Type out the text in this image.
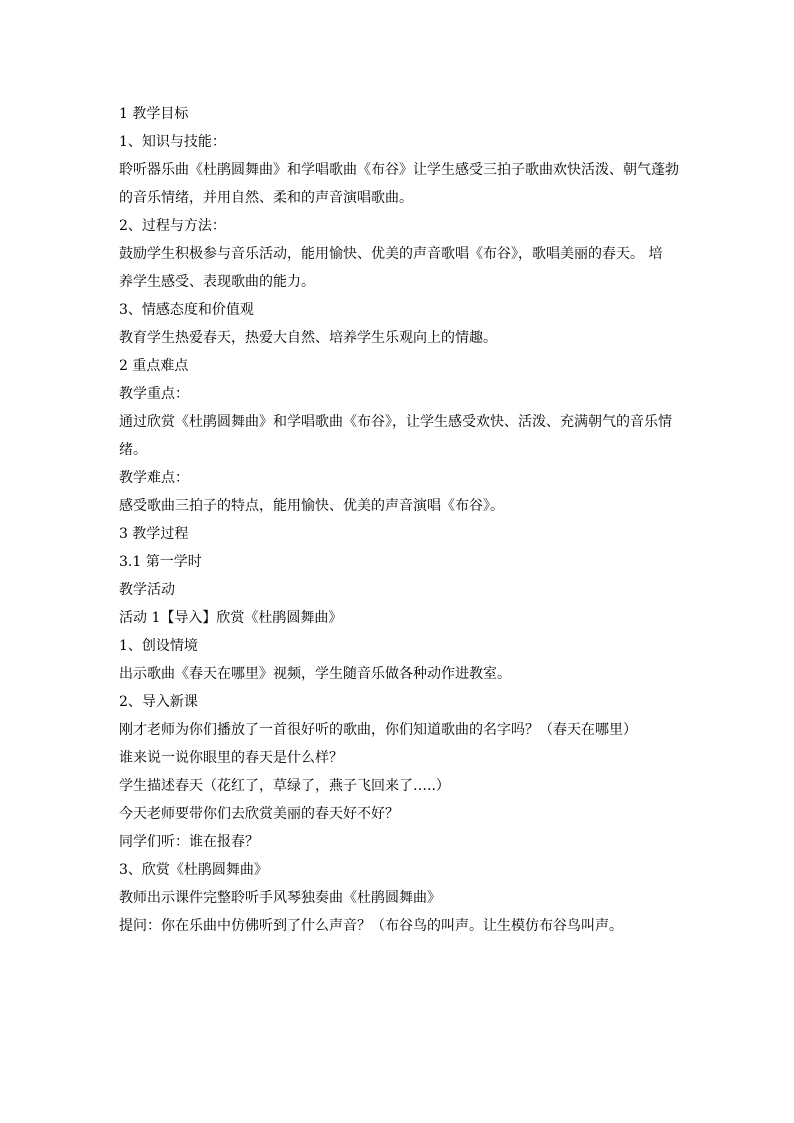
1 教学目标

1、知识与技能：

聆听器乐曲《杜鹃圆舞曲》和学唱歌曲《布谷》让学生感受三拍子歌曲欢快活泼、朝气蓬勃

的音乐情绪，并用自然、柔和的声音演唱歌曲。

2、过程与方法：

鼓励学生积极参与音乐活动，能用愉快、优美的声音歌唱《布谷》，歌唱美丽的春天。 培

养学生感受、表现歌曲的能力。

3、情感态度和价值观

教育学生热爱春天，热爱大自然、培养学生乐观向上的情趣。

2 重点难点

教学重点：

通过欣赏《杜鹃圆舞曲》和学唱歌曲《布谷》，让学生感受欢快、活泼、充满朝气的音乐情

绪。

教学难点：

感受歌曲三拍子的特点，能用愉快、优美的声音演唱《布谷》。

3 教学过程

3.1 第一学时

教学活动

活动 1【导入】欣赏《杜鹃圆舞曲》

1、创设情境

出示歌曲《春天在哪里》视频，学生随音乐做各种动作进教室。

2、导入新课

刚才老师为你们播放了一首很好听的歌曲，你们知道歌曲的名字吗？（春天在哪里）

谁来说一说你眼里的春天是什么样？

学生描述春天（花红了，草绿了，燕子飞回来了…..）

今天老师要带你们去欣赏美丽的春天好不好？

同学们听：谁在报春？

3、欣赏《杜鹃圆舞曲》

教师出示课件完整聆听手风琴独奏曲《杜鹃圆舞曲》

提问：你在乐曲中仿佛听到了什么声音？（布谷鸟的叫声。让生模仿布谷鸟叫声。
